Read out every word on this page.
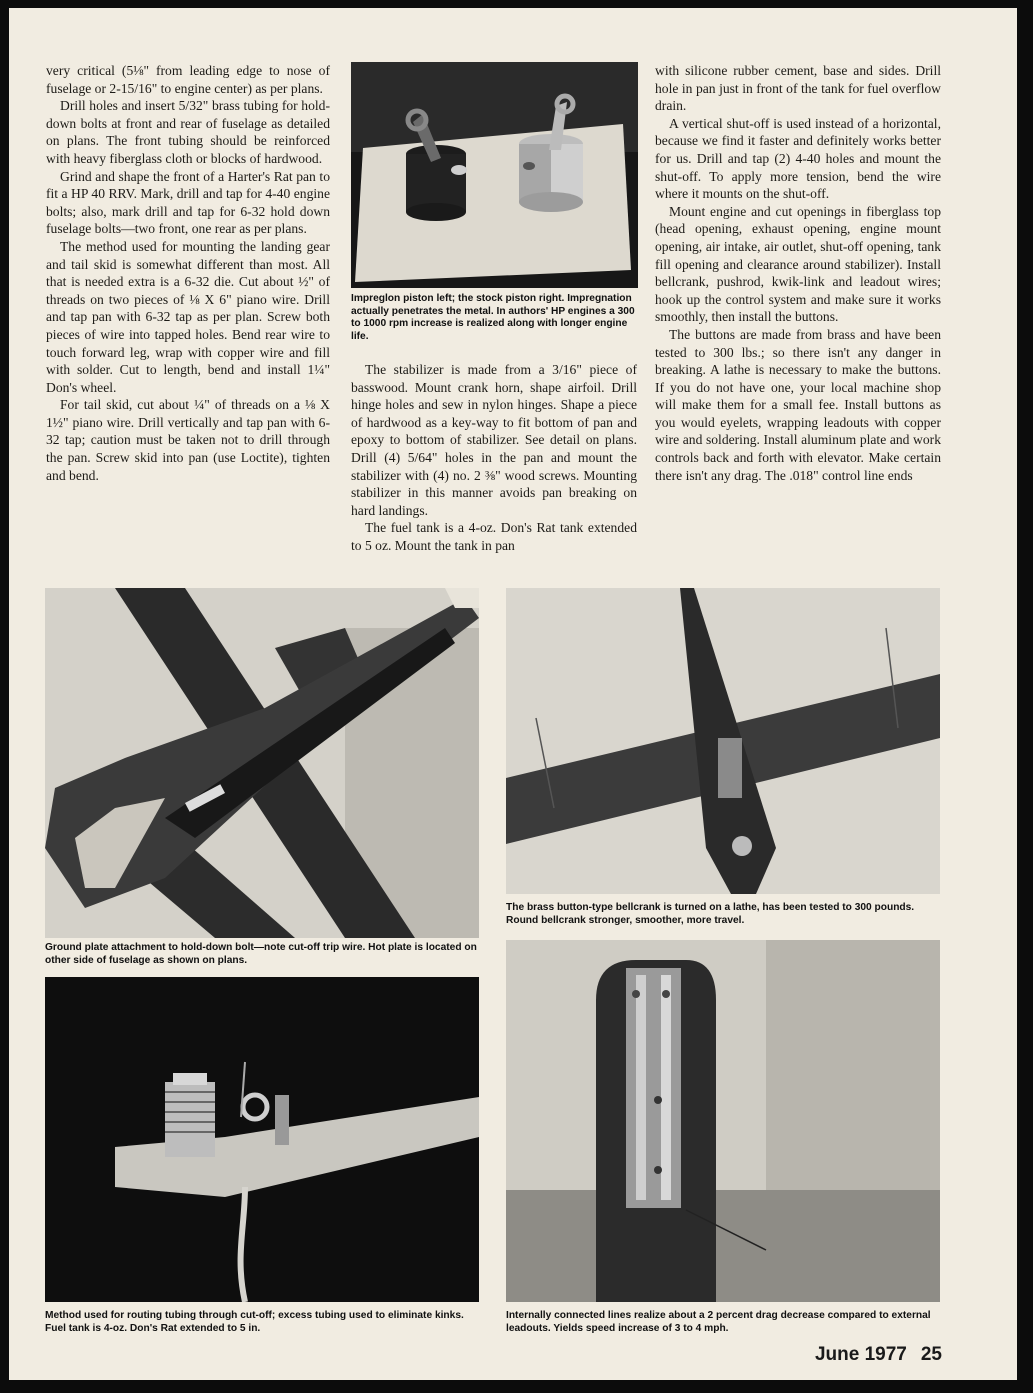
very critical (5⅛" from leading edge to nose of fuselage or 2-15/16" to engine center) as per plans.

Drill holes and insert 5/32" brass tubing for hold-down bolts at front and rear of fuselage as detailed on plans. The front tubing should be reinforced with heavy fiberglass cloth or blocks of hardwood.

Grind and shape the front of a Harter's Rat pan to fit a HP 40 RRV. Mark, drill and tap for 4-40 engine bolts; also, mark drill and tap for 6-32 hold down fuselage bolts—two front, one rear as per plans.

The method used for mounting the landing gear and tail skid is somewhat different than most. All that is needed extra is a 6-32 die. Cut about ½" of threads on two pieces of ⅛ X 6" piano wire. Drill and tap pan with 6-32 tap as per plan. Screw both pieces of wire into tapped holes. Bend rear wire to touch forward leg, wrap with copper wire and fill with solder. Cut to length, bend and install 1¼" Don's wheel.

For tail skid, cut about ¼" of threads on a ⅛ X 1½" piano wire. Drill vertically and tap pan with 6-32 tap; caution must be taken not to drill through the pan. Screw skid into pan (use Loctite), tighten and bend.

Impreglon piston left; the stock piston right. Impregnation actually penetrates the metal. In authors' HP engines a 300 to 1000 rpm increase is realized along with longer engine life.

The stabilizer is made from a 3/16" piece of basswood. Mount crank horn, shape airfoil. Drill hinge holes and sew in nylon hinges. Shape a piece of hardwood as a key-way to fit bottom of pan and epoxy to bottom of stabilizer. See detail on plans. Drill (4) 5/64" holes in the pan and mount the stabilizer with (4) no. 2 ⅜" wood screws. Mounting stabilizer in this manner avoids pan breaking on hard landings.

The fuel tank is a 4-oz. Don's Rat tank extended to 5 oz. Mount the tank in pan

with silicone rubber cement, base and sides. Drill hole in pan just in front of the tank for fuel overflow drain.

A vertical shut-off is used instead of a horizontal, because we find it faster and definitely works better for us. Drill and tap (2) 4-40 holes and mount the shut-off. To apply more tension, bend the wire where it mounts on the shut-off.

Mount engine and cut openings in fiberglass top (head opening, exhaust opening, engine mount opening, air intake, air outlet, shut-off opening, tank fill opening and clearance around stabilizer). Install bellcrank, pushrod, kwik-link and leadout wires; hook up the control system and make sure it works smoothly, then install the buttons.

The buttons are made from brass and have been tested to 300 lbs.; so there isn't any danger in breaking. A lathe is necessary to make the buttons. If you do not have one, your local machine shop will make them for a small fee. Install buttons as you would eyelets, wrapping leadouts with copper wire and soldering. Install aluminum plate and work controls back and forth with elevator. Make certain there isn't any drag. The .018" control line ends

Ground plate attachment to hold-down bolt—note cut-off trip wire. Hot plate is located on other side of fuselage as shown on plans.
The brass button-type bellcrank is turned on a lathe, has been tested to 300 pounds. Round bellcrank stronger, smoother, more travel.
Method used for routing tubing through cut-off; excess tubing used to eliminate kinks. Fuel tank is 4-oz. Don's Rat extended to 5 in.
Internally connected lines realize about a 2 percent drag decrease compared to external leadouts. Yields speed increase of 3 to 4 mph.
June 1977 25
